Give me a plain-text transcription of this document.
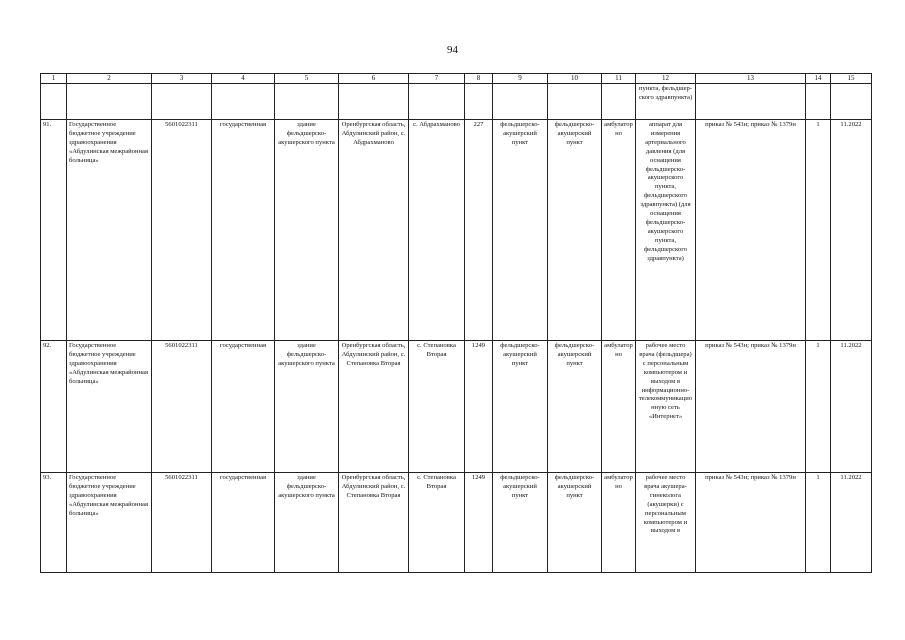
94
1	2	3	4	5	6	7	8	9	10	11	12	13	14	15
											пункта, фельдшер-ского здравпункта)			
91.	Государственное бюджетное учреждение здравоохранения «Абдулинская межрайонная больница»	5601022311	государственная	здание фельдшерско-акушерского пункта	Оренбургская область, Абдулинский район, с. Абдрахманово	с. Абдрахманово	227	фельдшерско-акушерский пункт	фельдшерско-акушерский пункт	амбулаторно	аппарат для измерения артериального давления (для оснащения фельдшерско-акушерского пункта, фельдшерского здравпункта) (для оснащения фельдшерско-акушерского пункта, фельдшерского здравпункта)	приказ № 543н; приказ № 1379н	1	11.2022
92.	Государственное бюджетное учреждение здравоохранения «Абдулинская межрайонная больница»	5601022311	государственная	здание фельдшерско-акушерского пункта	Оренбургская область, Абдулинский район, с. Степановка Вторая	с. Степановка Вторая	1249	фельдшерско-акушерский пункт	фельдшерско-акушерский пункт	амбулаторно	рабочее место врача (фельдшера) с персональным компьютером и выходом в информационно-телекоммуникационную сеть «Интернет»	приказ № 543н; приказ № 1379н	1	11.2022
93.	Государственное бюджетное учреждение здравоохранения «Абдулинская межрайонная больница»	5601022311	государственная	здание фельдшерско-акушерского пункта	Оренбургская область, Абдулинский район, с. Степановка Вторая	с. Степановка Вторая	1249	фельдшерско-акушерский пункт	фельдшерско-акушерский пункт	амбулаторно	рабочее место врача акушера-гинеколога (акушерки) с персональным компьютером и выходом в	приказ № 543н; приказ № 1379н	1	11.2022
